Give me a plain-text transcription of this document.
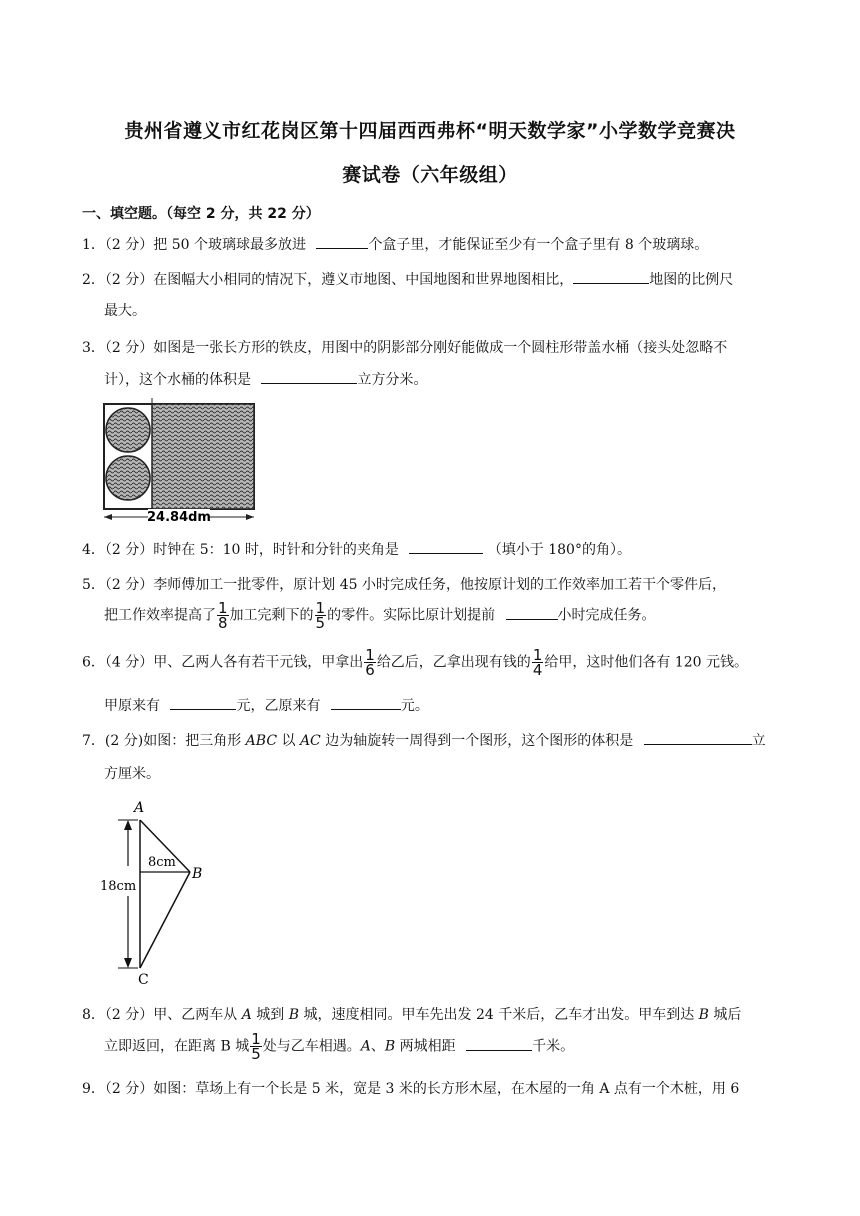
贵州省遵义市红花岗区第十四届西西弗杯“明天数学家”小学数学竞赛决
赛试卷（六年级组）
一、填空题。（每空 2 分，共 22 分）
1．（2 分）把 50 个玻璃球最多放进	个盒子里，才能保证至少有一个盒子里有 8 个玻璃球。
2．（2 分）在图幅大小相同的情况下，遵义市地图、中国地图和世界地图相比，	地图的比例尺
最大。
3．（2 分）如图是一张长方形的铁皮，用图中的阴影部分刚好能做成一个圆柱形带盖水桶（接头处忽略不
计），这个水桶的体积是	立方分米。
24.84dm
4．（2 分）时钟在 5：10 时，时针和分针的夹角是	（填小于 180°的角）。
5．（2 分）李师傅加工一批零件，原计划 45 小时完成任务，他按原计划的工作效率加工若干个零件后，
把工作效率提高了 $\frac{1}{8}$ 加工完剩下的 $\frac{1}{5}$ 的零件。实际比原计划提前	小时完成任务。
6．（4 分）甲、乙两人各有若干元钱，甲拿出 $\frac{1}{6}$ 给乙后，乙拿出现有钱的 $\frac{1}{4}$ 给甲，这时他们各有 120 元钱。
甲原来有	元，乙原来有	元。
7．(2 分)如图：把三角形 ABC 以 AC 边为轴旋转一周得到一个图形，这个图形的体积是	立
方厘米。
A
B
C
8cm
18cm
8．（2 分）甲、乙两车从 A 城到 B 城，速度相同。甲车先出发 24 千米后，乙车才出发。甲车到达 B 城后
立即返回，在距离 B 城 $\frac{1}{5}$ 处与乙车相遇。A、B 两城相距	千米。
9．（2 分）如图：草场上有一个长是 5 米，宽是 3 米的长方形木屋，在木屋的一角 A 点有一个木桩，用 6
